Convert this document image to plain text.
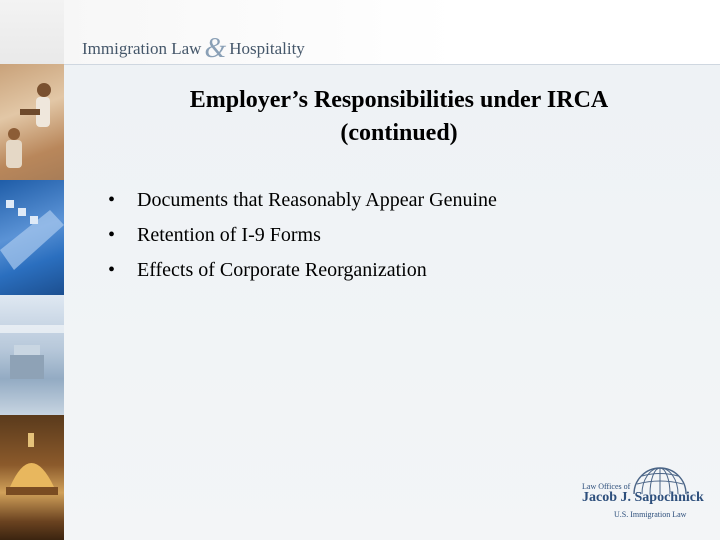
Immigration Law & Hospitality
Employer’s Responsibilities under IRCA
(continued)
• Documents that Reasonably Appear Genuine
• Retention of I-9 Forms
• Effects of Corporate Reorganization
Law Offices of
Jacob J. Sapochnick
U.S. Immigration Law
